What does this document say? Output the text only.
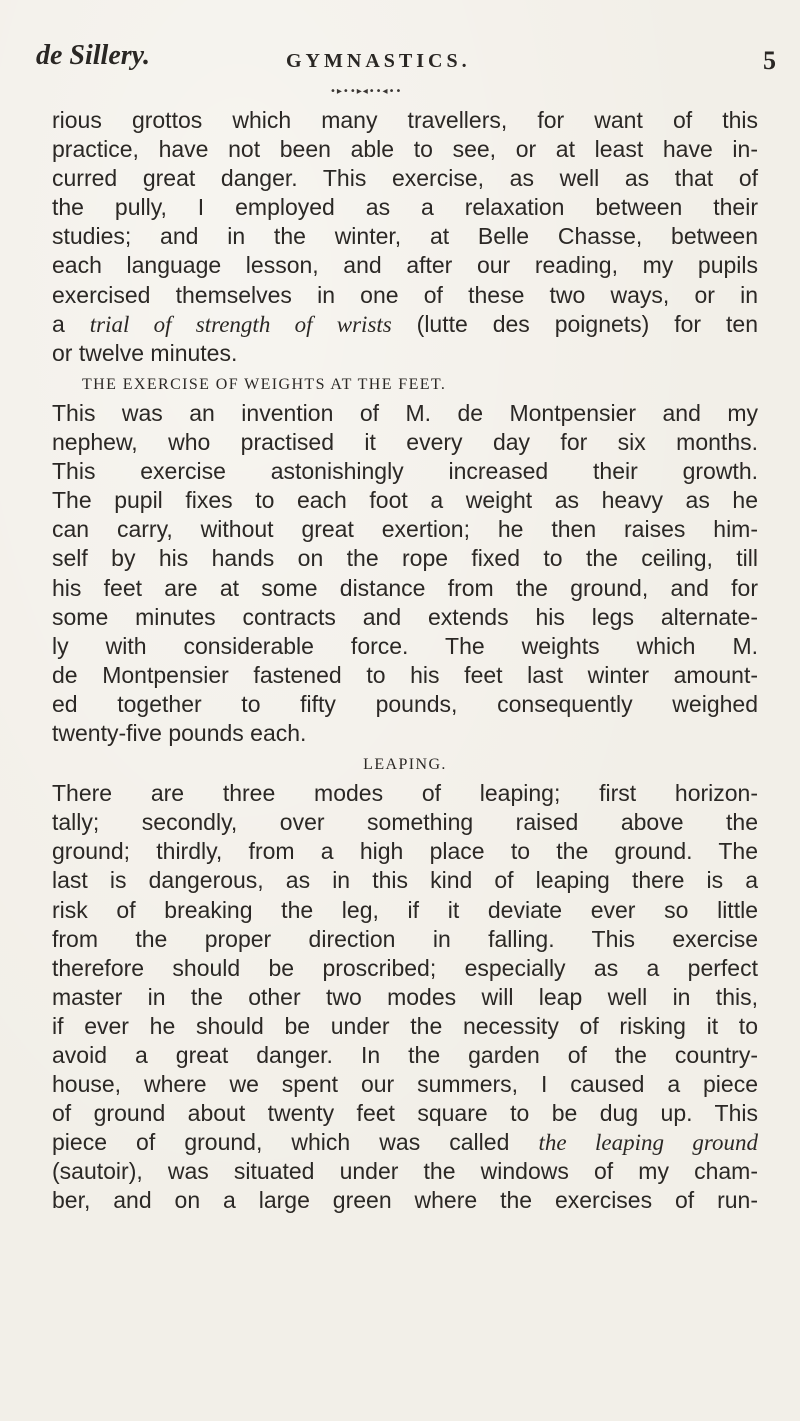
de Sillery.	GYMNASTICS.	5
•▸••▸◂••◂••
rious grottos which many travellers, for want of this
practice, have not been able to see, or at least have in-
curred great danger. This exercise, as well as that of
the pully, I employed as a relaxation between their
studies; and in the winter, at Belle Chasse, between
each language lesson, and after our reading, my pupils
exercised themselves in one of these two ways, or in
a trial of strength of wrists (lutte des poignets) for ten
or twelve minutes.
THE EXERCISE OF WEIGHTS AT THE FEET.
This was an invention of M. de Montpensier and my
nephew, who practised it every day for six months.
This exercise astonishingly increased their growth.
The pupil fixes to each foot a weight as heavy as he
can carry, without great exertion; he then raises him-
self by his hands on the rope fixed to the ceiling, till
his feet are at some distance from the ground, and for
some minutes contracts and extends his legs alternate-
ly with considerable force. The weights which M.
de Montpensier fastened to his feet last winter amount-
ed together to fifty pounds, consequently weighed
twenty-five pounds each.
LEAPING.
There are three modes of leaping; first horizon-
tally; secondly, over something raised above the
ground; thirdly, from a high place to the ground. The
last is dangerous, as in this kind of leaping there is a
risk of breaking the leg, if it deviate ever so little
from the proper direction in falling. This exercise
therefore should be proscribed; especially as a perfect
master in the other two modes will leap well in this,
if ever he should be under the necessity of risking it to
avoid a great danger. In the garden of the country-
house, where we spent our summers, I caused a piece
of ground about twenty feet square to be dug up. This
piece of ground, which was called the leaping ground
(sautoir), was situated under the windows of my cham-
ber, and on a large green where the exercises of run-
